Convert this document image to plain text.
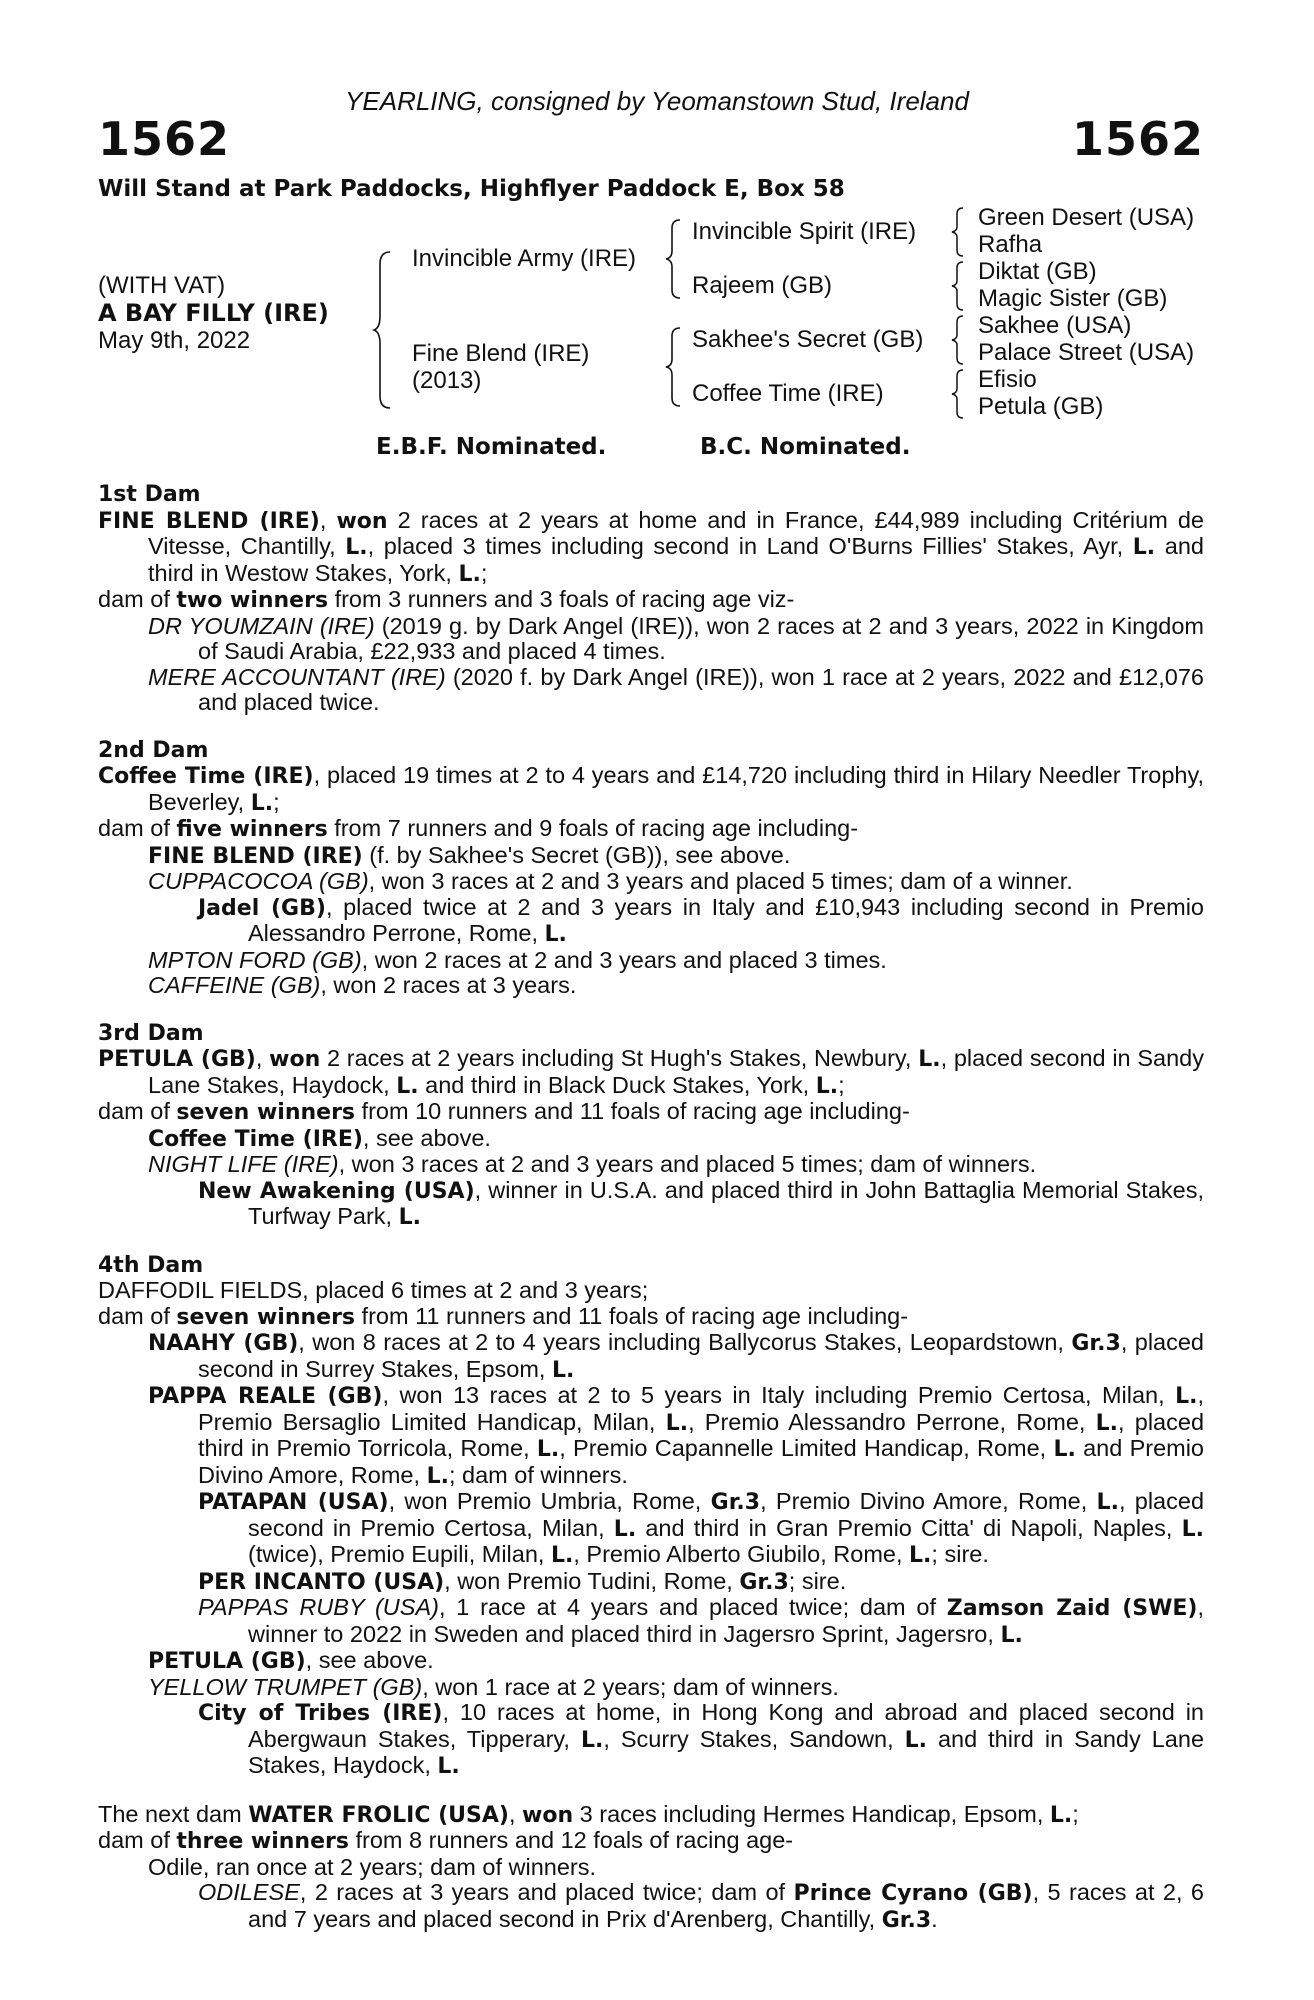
YEARLING, consigned by Yeomanstown Stud, Ireland
1562	1562
Will Stand at Park Paddocks, Highflyer Paddock E, Box 58
(WITH VAT)
A BAY FILLY (IRE)
May 9th, 2022
Invincible Army (IRE)
Fine Blend (IRE)
(2013)
Invincible Spirit (IRE)
Rajeem (GB)
Sakhee's Secret (GB)
Coffee Time (IRE)
Green Desert (USA)
Rafha
Diktat (GB)
Magic Sister (GB)
Sakhee (USA)
Palace Street (USA)
Efisio
Petula (GB)
E.B.F. Nominated.	B.C. Nominated.
1st Dam
FINE BLEND (IRE), won 2 races at 2 years at home and in France, £44,989 including Critérium de Vitesse, Chantilly, L., placed 3 times including second in Land O'Burns Fillies' Stakes, Ayr, L. and third in Westow Stakes, York, L.;
dam of two winners from 3 runners and 3 foals of racing age viz-
DR YOUMZAIN (IRE) (2019 g. by Dark Angel (IRE)), won 2 races at 2 and 3 years, 2022 in Kingdom of Saudi Arabia, £22,933 and placed 4 times.
MERE ACCOUNTANT (IRE) (2020 f. by Dark Angel (IRE)), won 1 race at 2 years, 2022 and £12,076 and placed twice.
2nd Dam
Coffee Time (IRE), placed 19 times at 2 to 4 years and £14,720 including third in Hilary Needler Trophy, Beverley, L.;
dam of five winners from 7 runners and 9 foals of racing age including-
FINE BLEND (IRE) (f. by Sakhee's Secret (GB)), see above.
CUPPACOCOA (GB), won 3 races at 2 and 3 years and placed 5 times; dam of a winner.
Jadel (GB), placed twice at 2 and 3 years in Italy and £10,943 including second in Premio Alessandro Perrone, Rome, L.
MPTON FORD (GB), won 2 races at 2 and 3 years and placed 3 times.
CAFFEINE (GB), won 2 races at 3 years.
3rd Dam
PETULA (GB), won 2 races at 2 years including St Hugh's Stakes, Newbury, L., placed second in Sandy Lane Stakes, Haydock, L. and third in Black Duck Stakes, York, L.;
dam of seven winners from 10 runners and 11 foals of racing age including-
Coffee Time (IRE), see above.
NIGHT LIFE (IRE), won 3 races at 2 and 3 years and placed 5 times; dam of winners.
New Awakening (USA), winner in U.S.A. and placed third in John Battaglia Memorial Stakes, Turfway Park, L.
4th Dam
DAFFODIL FIELDS, placed 6 times at 2 and 3 years;
dam of seven winners from 11 runners and 11 foals of racing age including-
NAAHY (GB), won 8 races at 2 to 4 years including Ballycorus Stakes, Leopardstown, Gr.3, placed second in Surrey Stakes, Epsom, L.
PAPPA REALE (GB), won 13 races at 2 to 5 years in Italy including Premio Certosa, Milan, L., Premio Bersaglio Limited Handicap, Milan, L., Premio Alessandro Perrone, Rome, L., placed third in Premio Torricola, Rome, L., Premio Capannelle Limited Handicap, Rome, L. and Premio Divino Amore, Rome, L.; dam of winners.
PATAPAN (USA), won Premio Umbria, Rome, Gr.3, Premio Divino Amore, Rome, L., placed second in Premio Certosa, Milan, L. and third in Gran Premio Citta' di Napoli, Naples, L. (twice), Premio Eupili, Milan, L., Premio Alberto Giubilo, Rome, L.; sire.
PER INCANTO (USA), won Premio Tudini, Rome, Gr.3; sire.
PAPPAS RUBY (USA), 1 race at 4 years and placed twice; dam of Zamson Zaid (SWE), winner to 2022 in Sweden and placed third in Jagersro Sprint, Jagersro, L.
PETULA (GB), see above.
YELLOW TRUMPET (GB), won 1 race at 2 years; dam of winners.
City of Tribes (IRE), 10 races at home, in Hong Kong and abroad and placed second in Abergwaun Stakes, Tipperary, L., Scurry Stakes, Sandown, L. and third in Sandy Lane Stakes, Haydock, L.
The next dam WATER FROLIC (USA), won 3 races including Hermes Handicap, Epsom, L.;
dam of three winners from 8 runners and 12 foals of racing age-
Odile, ran once at 2 years; dam of winners.
ODILESE, 2 races at 3 years and placed twice; dam of Prince Cyrano (GB), 5 races at 2, 6 and 7 years and placed second in Prix d'Arenberg, Chantilly, Gr.3.
